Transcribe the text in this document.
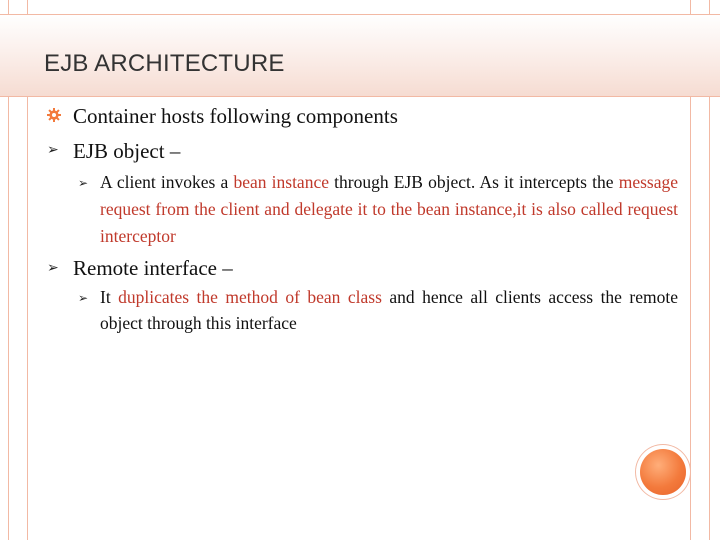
EJB ARCHITECTURE
Container hosts following components
➢ EJB object –
➢ A client invokes a bean instance through EJB object. As it intercepts the message request from the client and delegate it to the bean instance,it is also called request interceptor
➢ Remote interface –
➢ It duplicates the method of bean class and hence all clients access the remote object through this interface
